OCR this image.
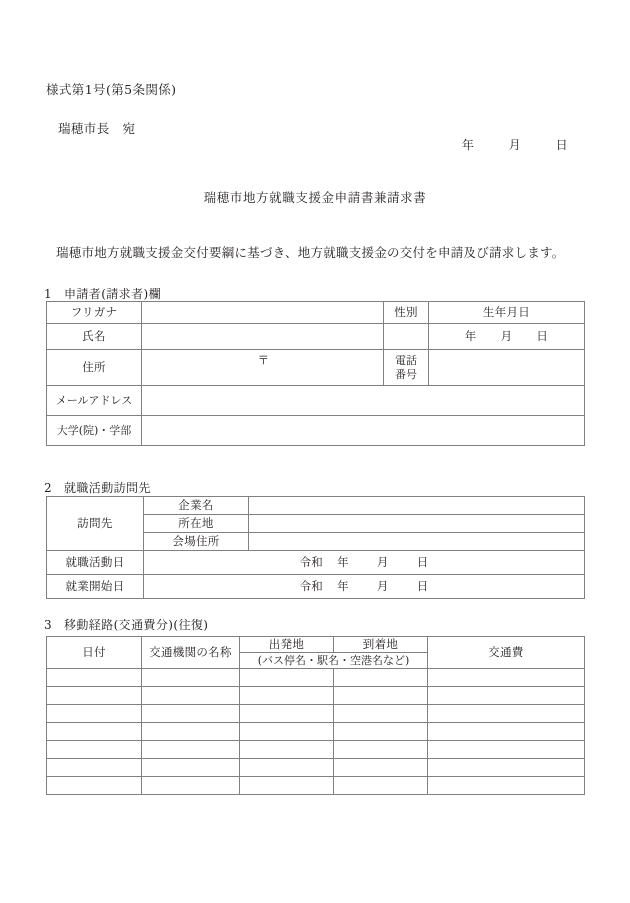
様式第1号(第5条関係)
瑞穂市長　宛
年	月	日
瑞穂市地方就職支援金申請書兼請求書
瑞穂市地方就職支援金交付要綱に基づき、地方就職支援金の交付を申請及び請求します。
1 申請者(請求者)欄
フリガナ		性別	生年月日
氏名			年 月 日
住所	〒	電話
番号	
メールアドレス			
大学(院)・学部			
2 就職活動訪問先
訪問先	企業名	
	所在地	
	会場住所	
就職活動日	令和 年 月 日	
就業開始日	令和 年 月 日	
3 移動経路(交通費分)(往復)
日付	交通機関の名称	出発地	到着地	交通費
		(バス停名・駅名・空港名など)		
